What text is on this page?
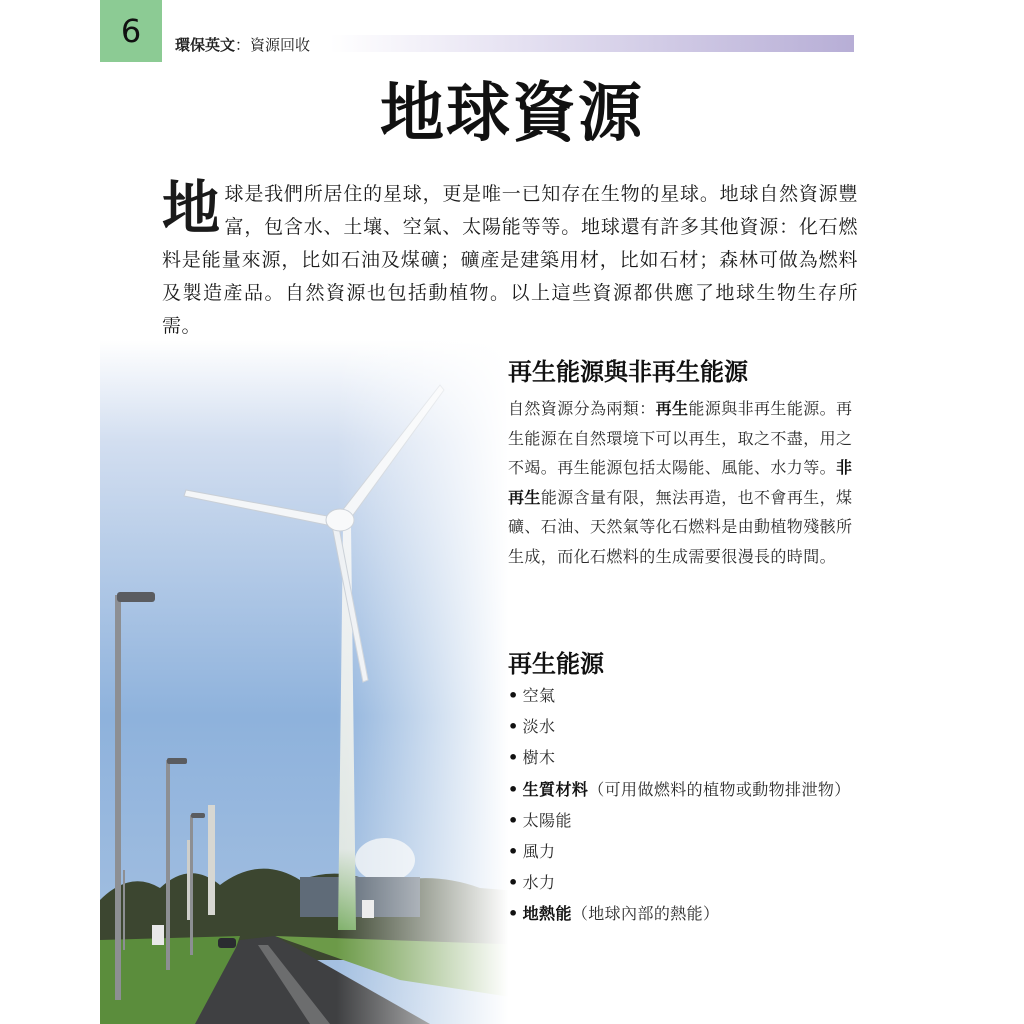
6 環保英文：資源回收
地球資源
地球是我們所居住的星球，更是唯一已知存在生物的星球。地球自然資源豐富，包含水、土壤、空氣、太陽能等等。地球還有許多其他資源：化石燃料是能量來源，比如石油及煤礦；礦產是建築用材，比如石材；森林可做為燃料及製造產品。自然資源也包括動植物。以上這些資源都供應了地球生物生存所需。
再生能源與非再生能源
自然資源分為兩類：再生能源與非再生能源。再生能源在自然環境下可以再生，取之不盡，用之不竭。再生能源包括太陽能、風能、水力等。非再生能源含量有限，無法再造，也不會再生，煤礦、石油、天然氣等化石燃料是由動植物殘骸所生成，而化石燃料的生成需要很漫長的時間。
再生能源
• 空氣
• 淡水
• 樹木
• 生質材料（可用做燃料的植物或動物排泄物）
• 太陽能
• 風力
• 水力
• 地熱能（地球內部的熱能）
